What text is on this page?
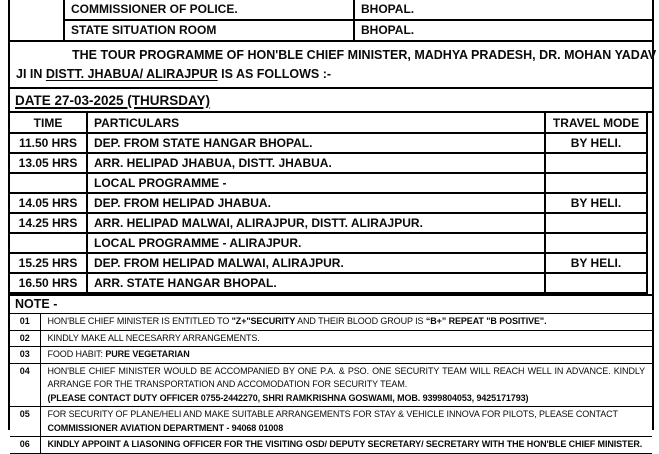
	COMMISSIONER OF POLICE.	BHOPAL.
	STATE SITUATION ROOM	BHOPAL.
THE TOUR PROGRAMME OF HON'BLE CHIEF MINISTER, MADHYA PRADESH, DR. MOHAN YADAV
JI IN DISTT. JHABUA/ ALIRAJPUR IS AS FOLLOWS :-
DATE 27-03-2025 (THURSDAY)
TIME	PARTICULARS	TRAVEL MODE
11.50 HRS	DEP. FROM STATE HANGAR BHOPAL.	BY HELI.
13.05 HRS	ARR. HELIPAD JHABUA, DISTT. JHABUA.	
	LOCAL PROGRAMME -	
14.05 HRS	DEP. FROM HELIPAD JHABUA.	BY HELI.
14.25 HRS	ARR. HELIPAD MALWAI, ALIRAJPUR, DISTT. ALIRAJPUR.	
	LOCAL PROGRAMME - ALIRAJPUR.	
15.25 HRS	DEP. FROM HELIPAD MALWAI, ALIRAJPUR.	BY HELI.
16.50 HRS	ARR. STATE HANGAR BHOPAL.	
NOTE -
01	HON'BLE CHIEF MINISTER IS ENTITLED TO "Z+"SECURITY AND THEIR BLOOD GROUP IS “B+” REPEAT "B POSITIVE".

02	KINDLY MAKE ALL NECESARRY ARRANGEMENTS.

03	FOOD HABIT: PURE VEGETARIAN

04	HON'BLE CHIEF MINISTER WOULD BE ACCOMPANIED BY ONE P.A. & PSO. ONE SECURITY TEAM WILL REACH WELL IN ADVANCE. KINDLY ARRANGE FOR THE TRANSPORTATION AND ACCOMODATION FOR SECURITY TEAM.
(PLEASE CONTACT DUTY OFFICER 0755-2442270, SHRI RAMKRISHNA GOSWAMI, MOB. 9399804053, 9425171793)

05	FOR SECURITY OF PLANE/HELI AND MAKE SUITABLE ARRANGEMENTS FOR STAY & VEHICLE INNOVA FOR PILOTS, PLEASE CONTACT
COMMISSIONER AVIATION DEPARTMENT - 94068 01008

06	KINDLY APPOINT A LIASONING OFFICER FOR THE VISITING OSD/ DEPUTY SECRETARY/ SECRETARY WITH THE HON'BLE CHIEF MINISTER.
